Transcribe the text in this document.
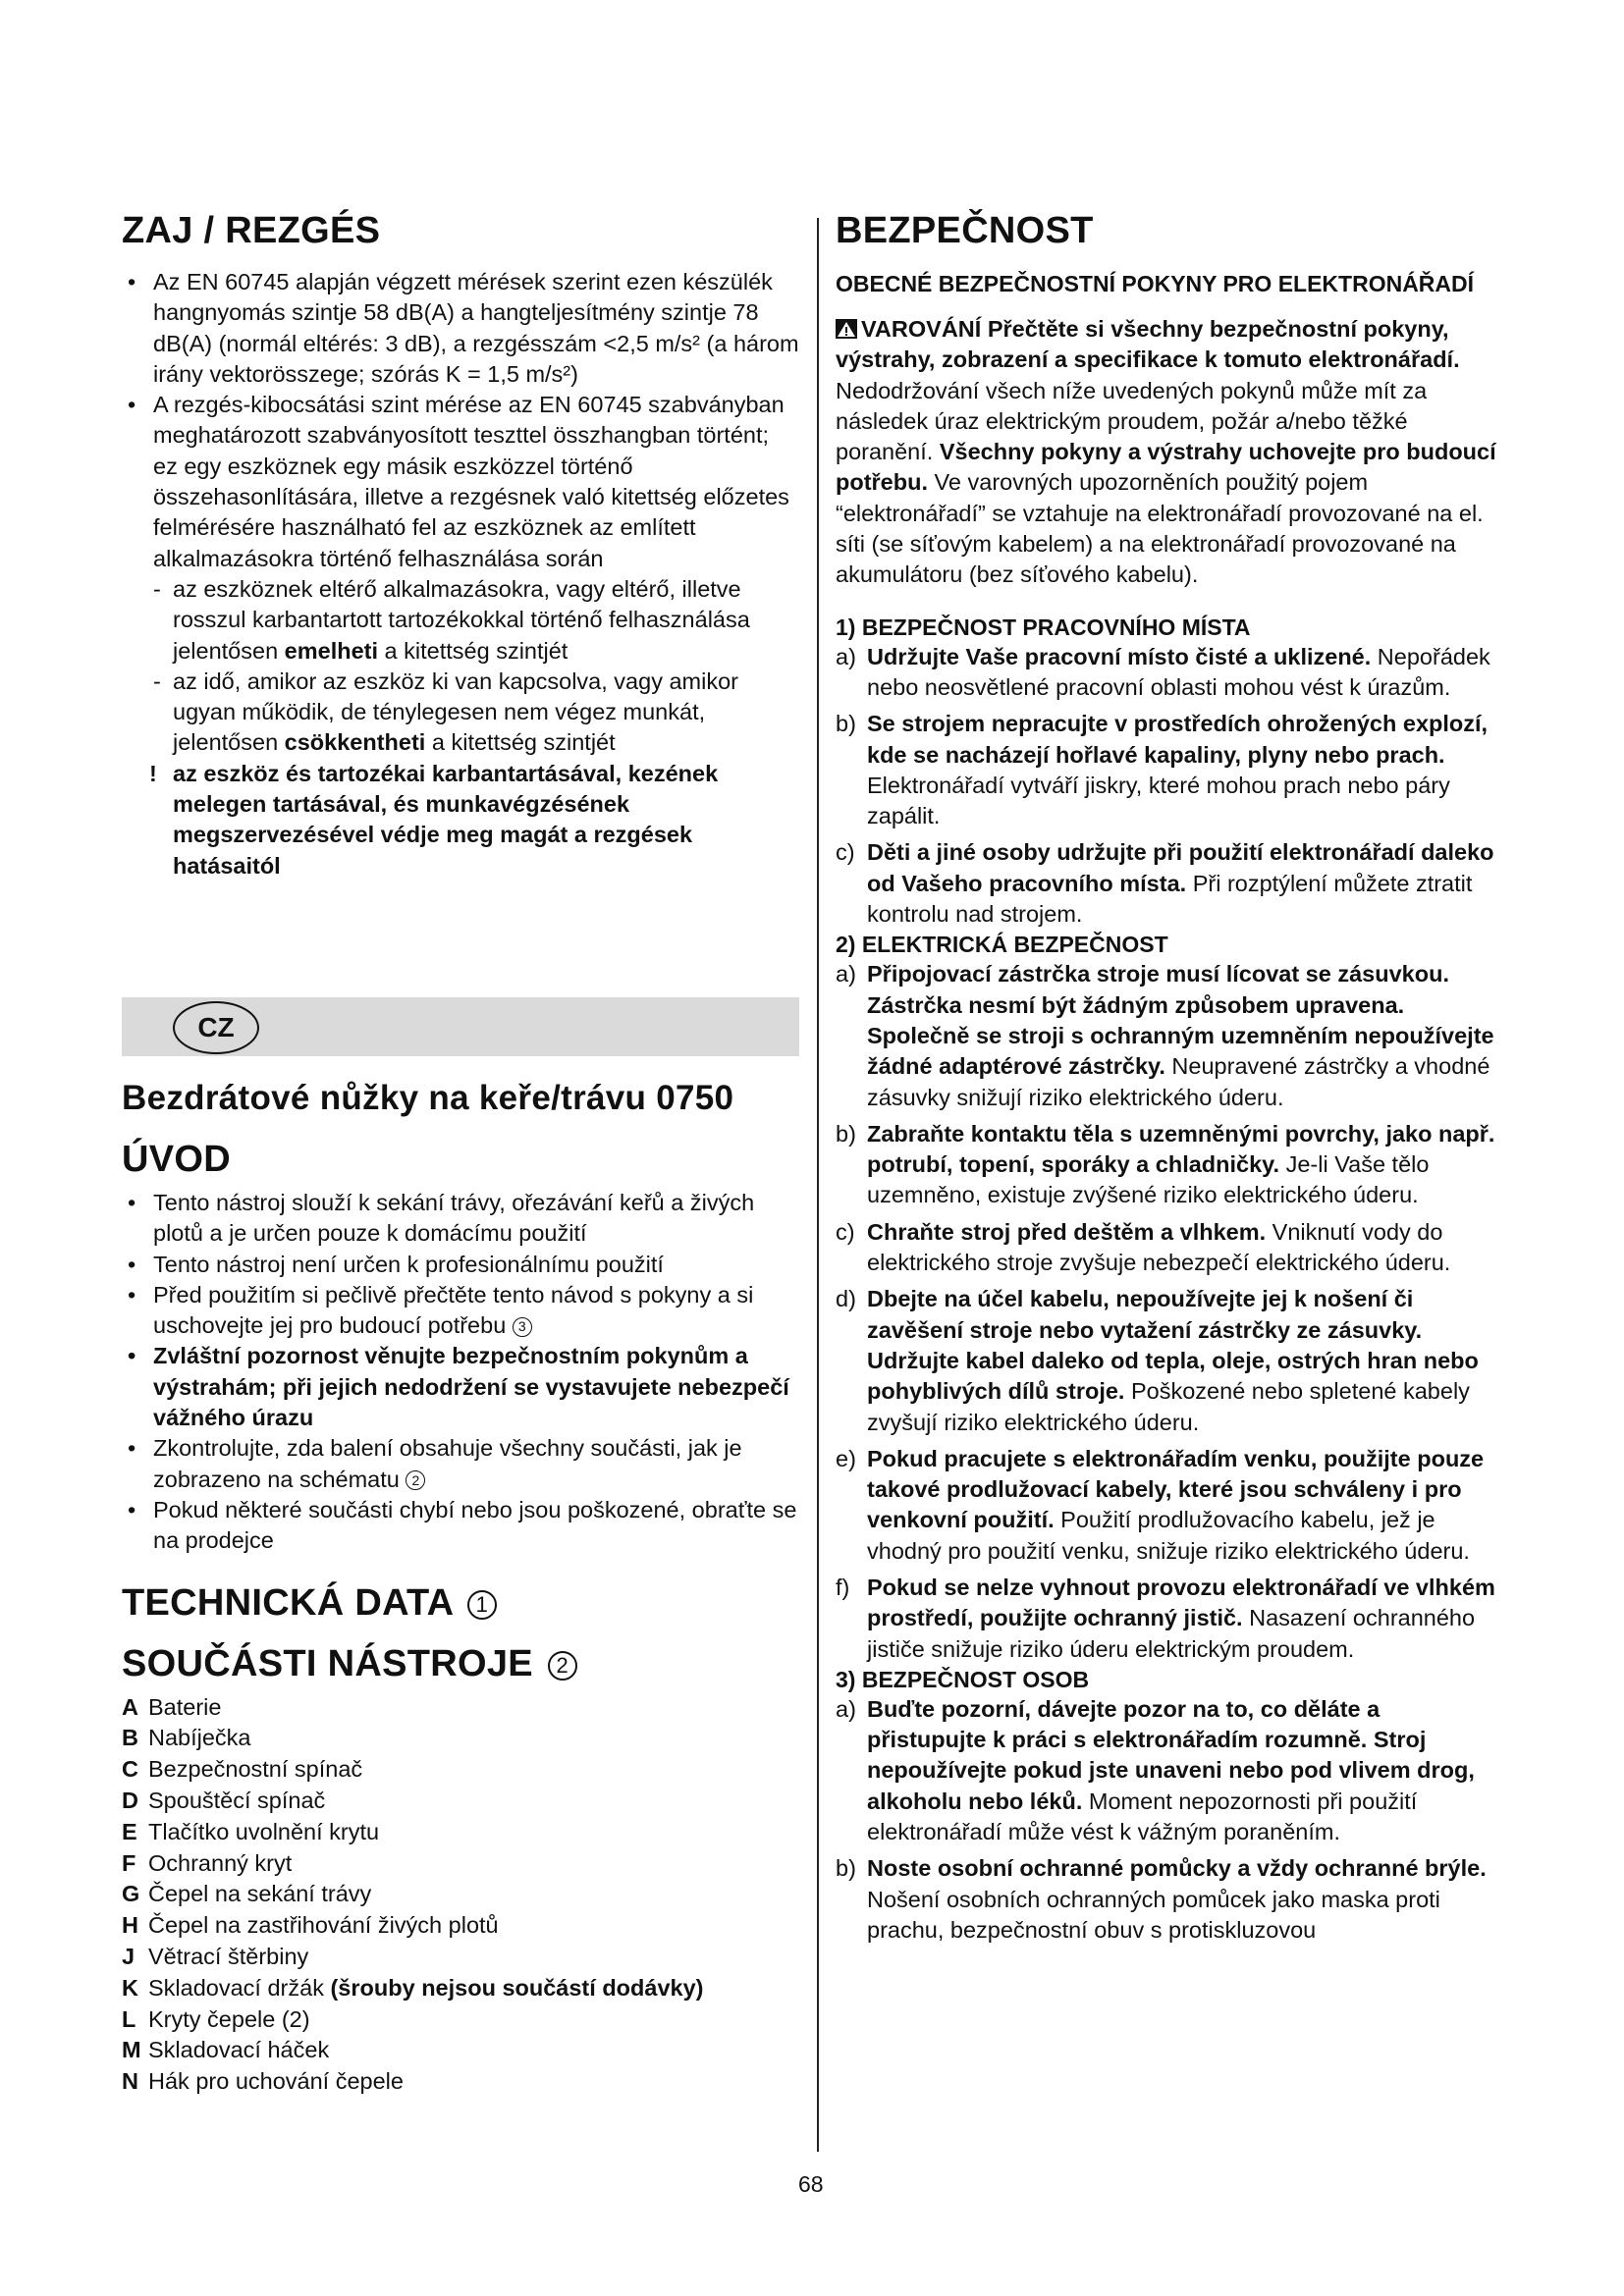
ZAJ / REZGÉS
• Az EN 60745 alapján végzett mérések szerint ezen készülék hangnyomás szintje 58 dB(A) a hangteljesítmény szintje 78 dB(A) (normál eltérés: 3 dB), a rezgésszám <2,5 m/s² (a három irány vektorösszege; szórás K = 1,5 m/s²)
• A rezgés-kibocsátási szint mérése az EN 60745 szabványban meghatározott szabványosított teszttel összhangban történt; ez egy eszköznek egy másik eszközzel történő összehasonlítására, illetve a rezgésnek való kitettség előzetes felmérésére használható fel az eszköznek az említett alkalmazásokra történő felhasználása során
- az eszköznek eltérő alkalmazásokra, vagy eltérő, illetve rosszul karbantartott tartozékokkal történő felhasználása jelentősen emelheti a kitettség szintjét
- az idő, amikor az eszköz ki van kapcsolva, vagy amikor ugyan működik, de ténylegesen nem végez munkát, jelentősen csökkentheti a kitettség szintjét
! az eszköz és tartozékai karbantartásával, kezének melegen tartásával, és munkavégzésének megszervezésével védje meg magát a rezgések hatásaitól
CZ
Bezdrátové nůžky na keře/trávu 0750
ÚVOD
• Tento nástroj slouží k sekání trávy, ořezávání keřů a živých plotů a je určen pouze k domácímu použití
• Tento nástroj není určen k profesionálnímu použití
• Před použitím si pečlivě přečtěte tento návod s pokyny a si uschovejte jej pro budoucí potřebu 3
• Zvláštní pozornost věnujte bezpečnostním pokynům a výstrahám; při jejich nedodržení se vystavujete nebezpečí vážného úrazu
• Zkontrolujte, zda balení obsahuje všechny součásti, jak je zobrazeno na schématu 2
• Pokud některé součásti chybí nebo jsou poškozené, obraťte se na prodejce
TECHNICKÁ DATA 1
SOUČÁSTI NÁSTROJE 2
A Baterie
B Nabíječka
C Bezpečnostní spínač
D Spouštěcí spínač
E Tlačítko uvolnění krytu
F Ochranný kryt
G Čepel na sekání trávy
H Čepel na zastřihování živých plotů
J Větrací štěrbiny
K Skladovací držák (šrouby nejsou součástí dodávky)
L Kryty čepele (2)
M Skladovací háček
N Hák pro uchování čepele
BEZPEČNOST
OBECNÉ BEZPEČNOSTNÍ POKYNY PRO ELEKTRONÁŘADÍ
VAROVÁNÍ Přečtěte si všechny bezpečnostní pokyny, výstrahy, zobrazení a specifikace k tomuto elektronářadí. Nedodržování všech níže uvedených pokynů může mít za následek úraz elektrickým proudem, požár a/nebo těžké poranění. Všechny pokyny a výstrahy uchovejte pro budoucí potřebu. Ve varovných upozorněních použitý pojem “elektronářadí” se vztahuje na elektronářadí provozované na el. síti (se síťovým kabelem) a na elektronářadí provozované na akumulátoru (bez síťového kabelu).
1) BEZPEČNOST PRACOVNÍHO MÍSTA
a) Udržujte Vaše pracovní místo čisté a uklizené. Nepořádek nebo neosvětlené pracovní oblasti mohou vést k úrazům.
b) Se strojem nepracujte v prostředích ohrožených explozí, kde se nacházejí hořlavé kapaliny, plyny nebo prach. Elektronářadí vytváří jiskry, které mohou prach nebo páry zapálit.
c) Děti a jiné osoby udržujte při použití elektronářadí daleko od Vašeho pracovního místa. Při rozptýlení můžete ztratit kontrolu nad strojem.
2) ELEKTRICKÁ BEZPEČNOST
a) Připojovací zástrčka stroje musí lícovat se zásuvkou. Zástrčka nesmí být žádným způsobem upravena. Společně se stroji s ochranným uzemněním nepoužívejte žádné adaptérové zástrčky. Neupravené zástrčky a vhodné zásuvky snižují riziko elektrického úderu.
b) Zabraňte kontaktu těla s uzemněnými povrchy, jako např. potrubí, topení, sporáky a chladničky. Je-li Vaše tělo uzemněno, existuje zvýšené riziko elektrického úderu.
c) Chraňte stroj před deštěm a vlhkem. Vniknutí vody do elektrického stroje zvyšuje nebezpečí elektrického úderu.
d) Dbejte na účel kabelu, nepoužívejte jej k nošení či zavěšení stroje nebo vytažení zástrčky ze zásuvky. Udržujte kabel daleko od tepla, oleje, ostrých hran nebo pohyblivých dílů stroje. Poškozené nebo spletené kabely zvyšují riziko elektrického úderu.
e) Pokud pracujete s elektronářadím venku, použijte pouze takové prodlužovací kabely, které jsou schváleny i pro venkovní použití. Použití prodlužovacího kabelu, jež je vhodný pro použití venku, snižuje riziko elektrického úderu.
f) Pokud se nelze vyhnout provozu elektronářadí ve vlhkém prostředí, použijte ochranný jistič. Nasazení ochranného jističe snižuje riziko úderu elektrickým proudem.
3) BEZPEČNOST OSOB
a) Buďte pozorní, dávejte pozor na to, co děláte a přistupujte k práci s elektronářadím rozumně. Stroj nepoužívejte pokud jste unaveni nebo pod vlivem drog, alkoholu nebo léků. Moment nepozornosti při použití elektronářadí může vést k vážným poraněním.
b) Noste osobní ochranné pomůcky a vždy ochranné brýle. Nošení osobních ochranných pomůcek jako maska proti prachu, bezpečnostní obuv s protiskluzovou
68
